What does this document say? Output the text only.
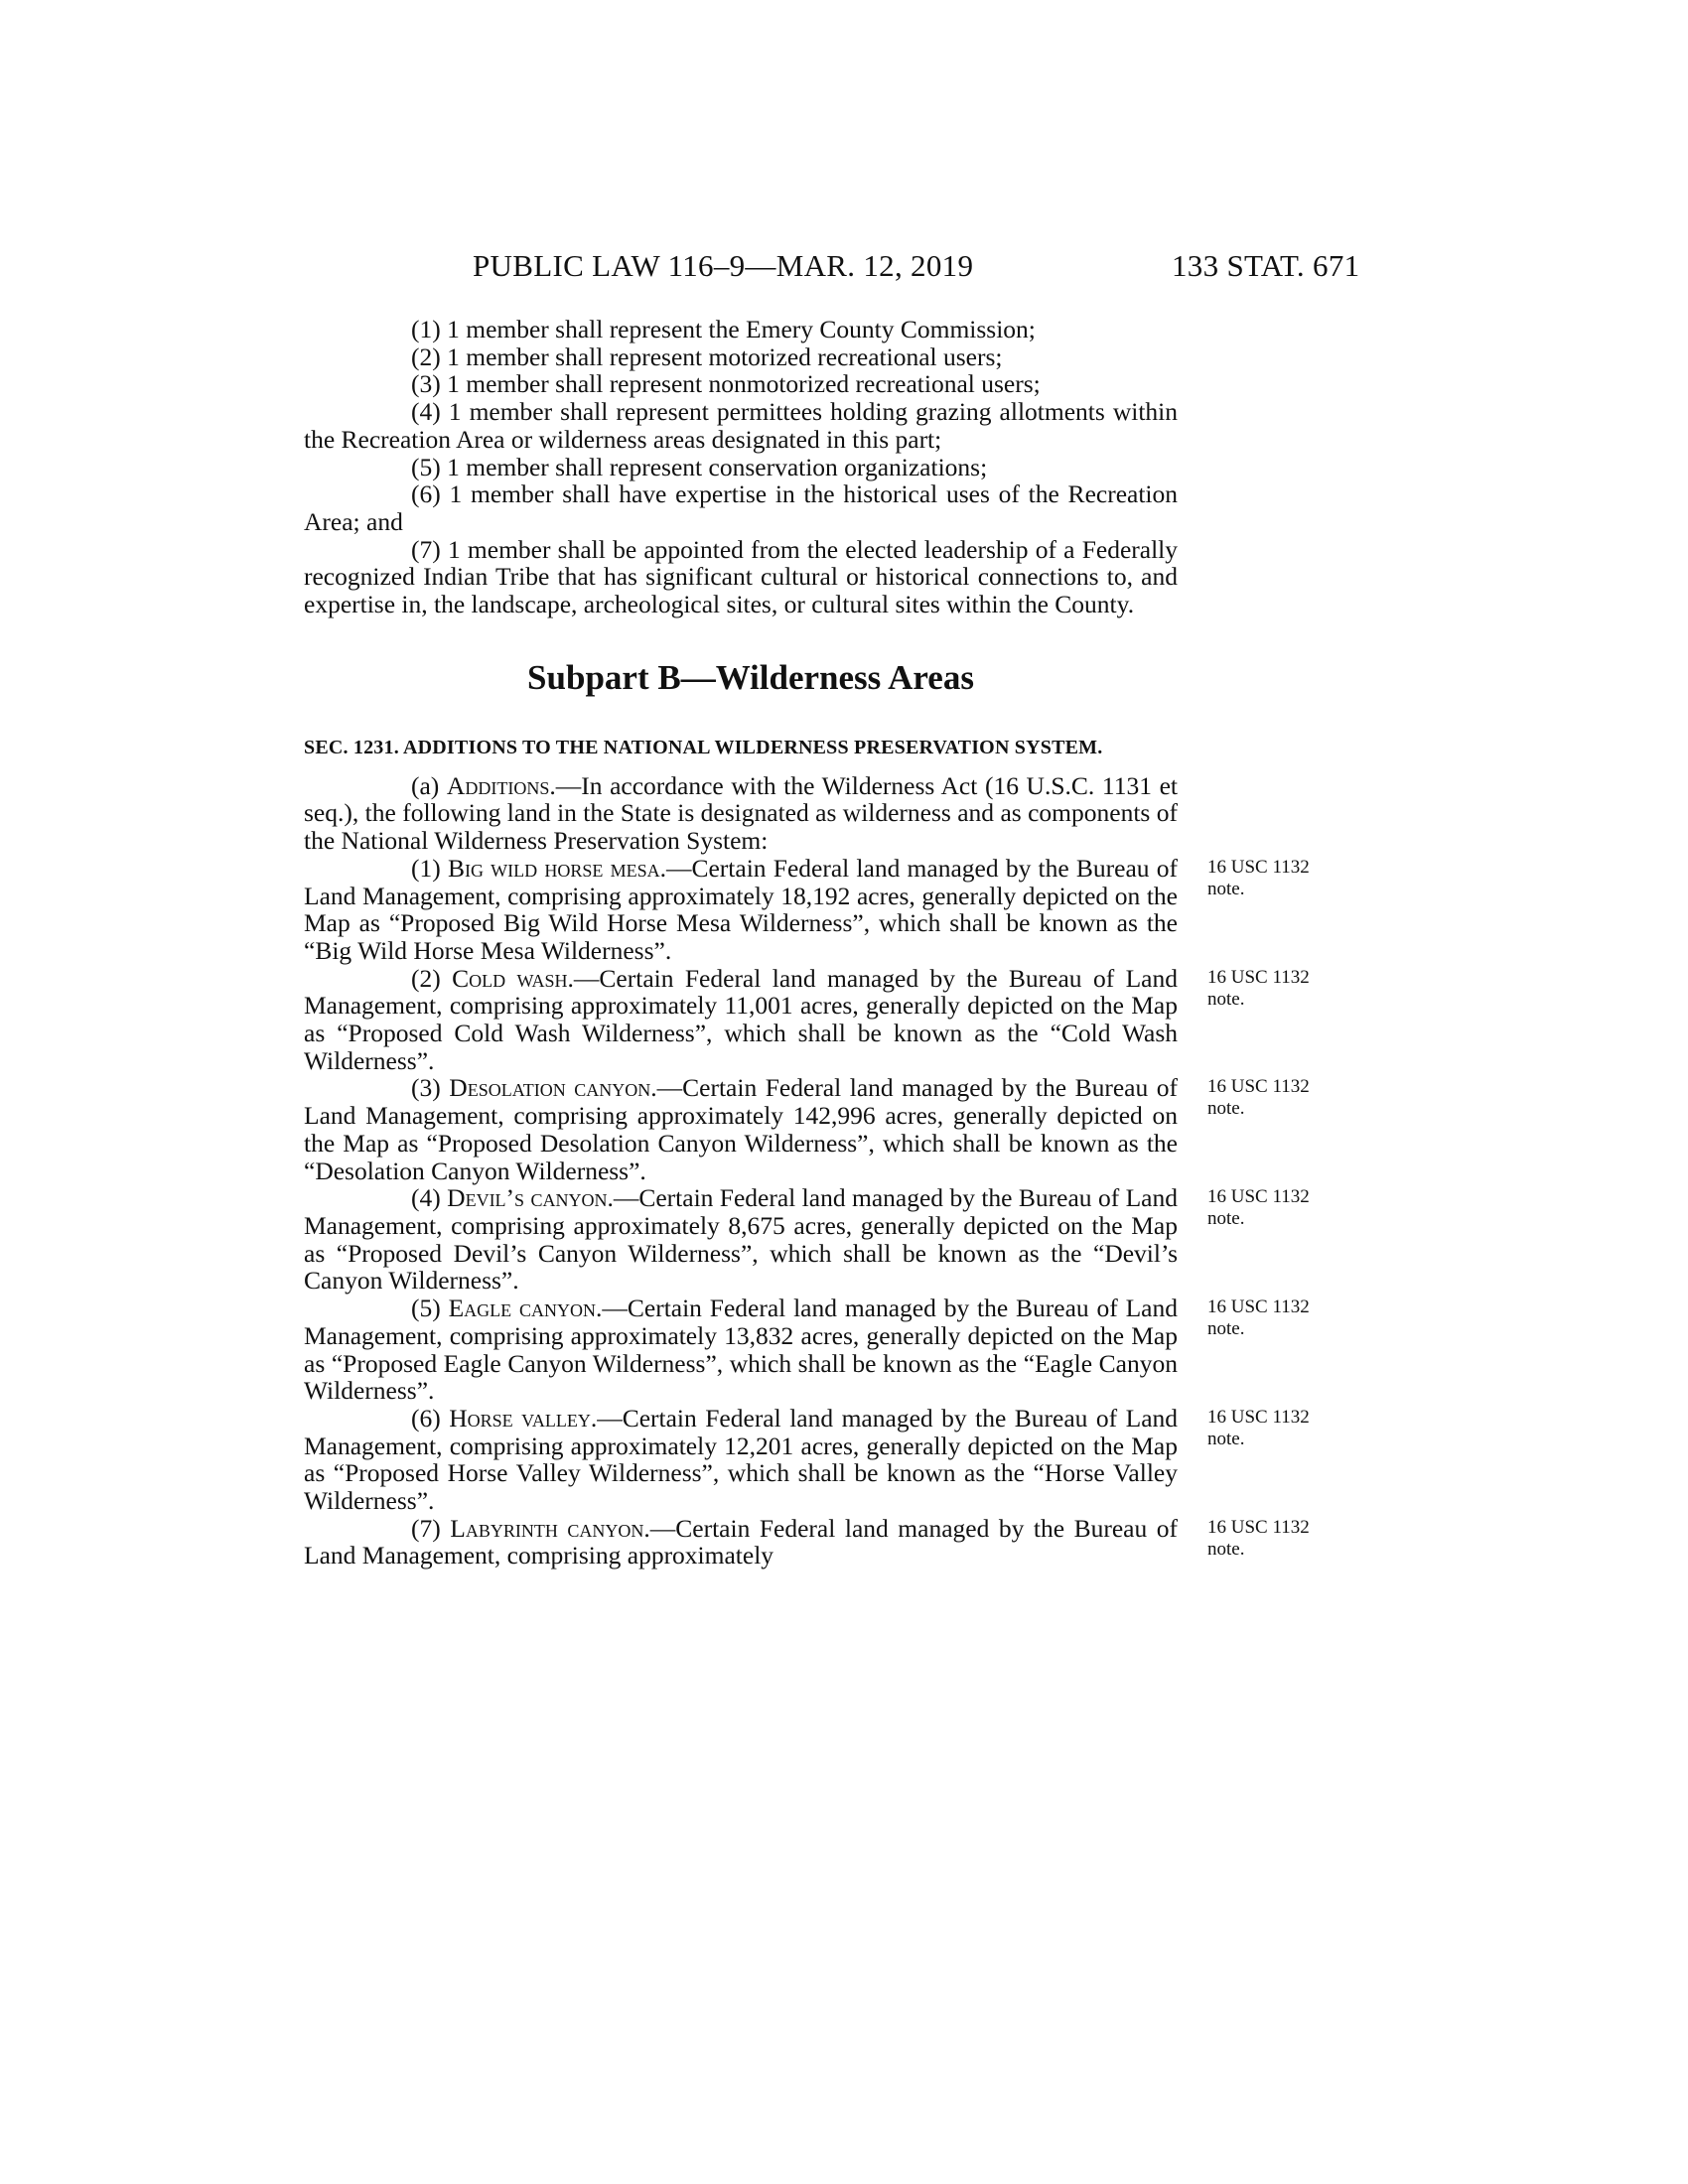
PUBLIC LAW 116–9—MAR. 12, 2019	133 STAT. 671

(1) 1 member shall represent the Emery County Commission;

(2) 1 member shall represent motorized recreational users;

(3) 1 member shall represent nonmotorized recreational users;

(4) 1 member shall represent permittees holding grazing allotments within the Recreation Area or wilderness areas designated in this part;

(5) 1 member shall represent conservation organizations;

(6) 1 member shall have expertise in the historical uses of the Recreation Area; and

(7) 1 member shall be appointed from the elected leadership of a Federally recognized Indian Tribe that has significant cultural or historical connections to, and expertise in, the landscape, archeological sites, or cultural sites within the County.

Subpart B—Wilderness Areas

SEC. 1231. ADDITIONS TO THE NATIONAL WILDERNESS PRESERVATION SYSTEM.

(a) Additions.—In accordance with the Wilderness Act (16 U.S.C. 1131 et seq.), the following land in the State is designated as wilderness and as components of the National Wilderness Preservation System:

(1) Big wild horse mesa.—Certain Federal land managed by the Bureau of Land Management, comprising approximately 18,192 acres, generally depicted on the Map as “Proposed Big Wild Horse Mesa Wilderness”, which shall be known as the “Big Wild Horse Mesa Wilderness”.

16 USC 1132 note.

(2) Cold wash.—Certain Federal land managed by the Bureau of Land Management, comprising approximately 11,001 acres, generally depicted on the Map as “Proposed Cold Wash Wilderness”, which shall be known as the “Cold Wash Wilderness”.

16 USC 1132 note.

(3) Desolation canyon.—Certain Federal land managed by the Bureau of Land Management, comprising approximately 142,996 acres, generally depicted on the Map as “Proposed Desolation Canyon Wilderness”, which shall be known as the “Desolation Canyon Wilderness”.

16 USC 1132 note.

(4) Devil’s canyon.—Certain Federal land managed by the Bureau of Land Management, comprising approximately 8,675 acres, generally depicted on the Map as “Proposed Devil’s Canyon Wilderness”, which shall be known as the “Devil’s Canyon Wilderness”.

16 USC 1132 note.

(5) Eagle canyon.—Certain Federal land managed by the Bureau of Land Management, comprising approximately 13,832 acres, generally depicted on the Map as “Proposed Eagle Canyon Wilderness”, which shall be known as the “Eagle Canyon Wilderness”.

16 USC 1132 note.

(6) Horse valley.—Certain Federal land managed by the Bureau of Land Management, comprising approximately 12,201 acres, generally depicted on the Map as “Proposed Horse Valley Wilderness”, which shall be known as the “Horse Valley Wilderness”.

16 USC 1132 note.

(7) Labyrinth canyon.—Certain Federal land managed by the Bureau of Land Management, comprising approximately

16 USC 1132 note.
